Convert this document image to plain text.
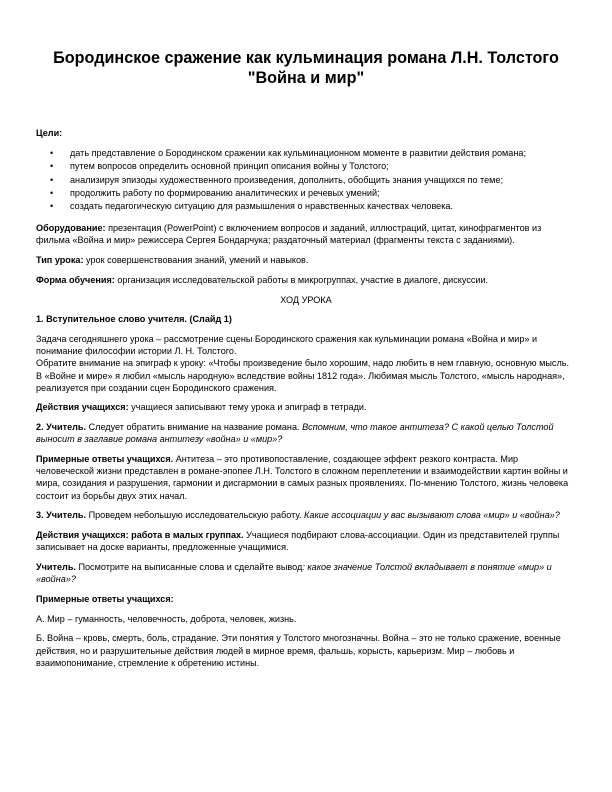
Бородинское сражение как кульминация романа Л.Н. Толстого "Война и мир"

Цели:

• дать представление о Бородинском сражении как кульминационном моменте в развитии действия романа;
• путем вопросов определить основной принцип описания войны у Толстого;
• анализируя эпизоды художественного произведения, дополнить, обобщить знания учащихся по теме;
• продолжить работу по формированию аналитических и речевых умений;
• создать педагогическую ситуацию для размышления о нравственных качествах человека.

Оборудование: презентация (PowerPoint) с включением вопросов и заданий, иллюстраций, цитат, кинофрагментов из фильма «Война и мир» режиссера Сергея Бондарчука; раздаточный материал (фрагменты текста с заданиями).

Тип урока: урок совершенствования знаний, умений и навыков.

Форма обучения: организация исследовательской работы в микрогруппах, участие в диалоге, дискуссии.

ХОД УРОКА

1. Вступительное слово учителя. (Слайд 1)

Задача сегодняшнего урока – рассмотрение сцены Бородинского сражения как кульминации романа «Война и мир» и понимание философии истории Л. Н. Толстого.
Обратите внимание на эпиграф к уроку: «Чтобы произведение было хорошим, надо любить в нем главную, основную мысль. В «Войне и мире» я любил «мысль народную» вследствие войны 1812 года». Любимая мысль Толстого, «мысль народная», реализуется при создании сцен Бородинского сражения.

Действия учащихся: учащиеся записывают тему урока и эпиграф в тетради.

2. Учитель. Следует обратить внимание на название романа. Вспомним, что такое антитеза? С какой целью Толстой выносит в заглавие романа антитезу «война» и «мир»?

Примерные ответы учащихся. Антитеза – это противопоставление, создающее эффект резкого контраста. Мир человеческой жизни представлен в романе-эпопее Л.Н. Толстого в сложном переплетении и взаимодействии картин войны и мира, созидания и разрушения, гармонии и дисгармонии в самых разных проявлениях. По-мнению Толстого, жизнь человека состоит из борьбы двух этих начал.

3. Учитель. Проведем небольшую исследовательскую работу. Какие ассоциации у вас вызывают слова «мир» и «война»?

Действия учащихся: работа в малых группах. Учащиеся подбирают слова-ассоциации. Один из представителей группы записывает на доске варианты, предложенные учащимися.

Учитель. Посмотрите на выписанные слова и сделайте вывод: какое значение Толстой вкладывает в понятие «мир» и «война»?

Примерные ответы учащихся:

А. Мир – гуманность, человечность, доброта, человек, жизнь.

Б. Война – кровь, смерть, боль, страдание. Эти понятия у Толстого многозначны. Война – это не только сражение, военные действия, но и разрушительные действия людей в мирное время, фальшь, корысть, карьеризм. Мир – любовь и взаимопонимание, стремление к обретению истины.
